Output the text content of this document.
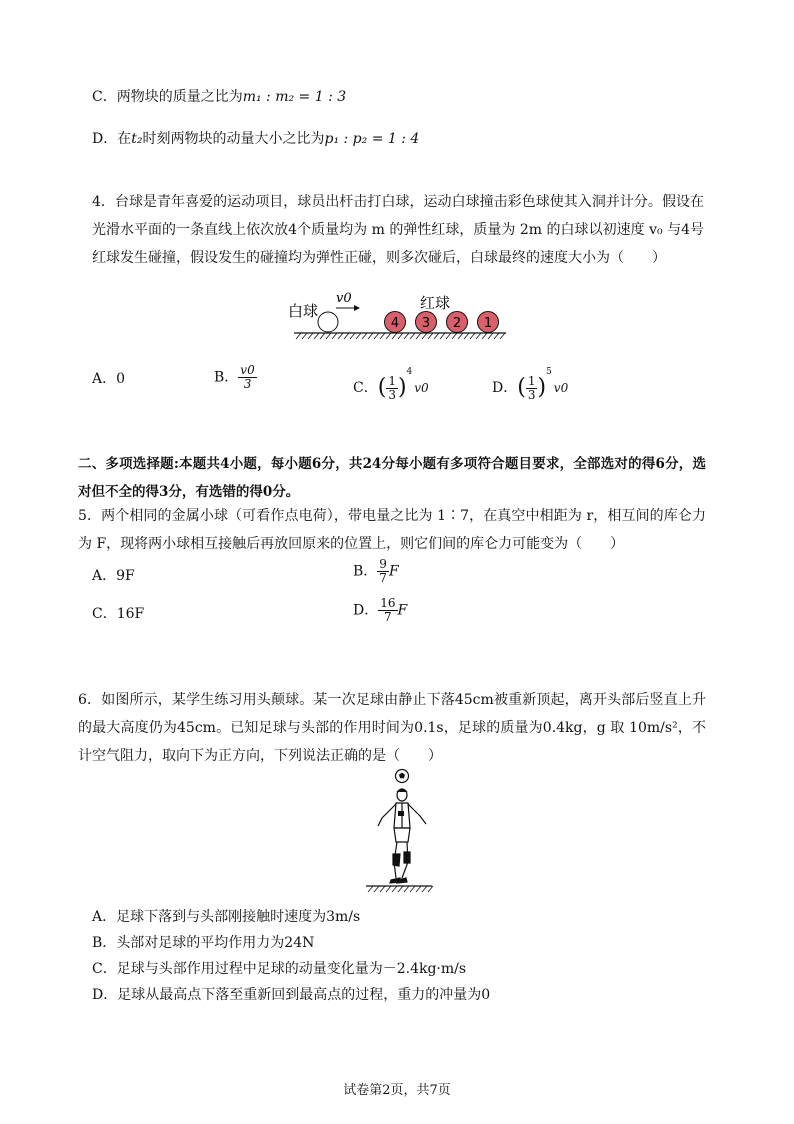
C．两物块的质量之比为m₁ : m₂ = 1 : 3
D．在t₂时刻两物块的动量大小之比为p₁ : p₂ = 1 : 4
4．台球是青年喜爱的运动项目，球员出杆击打白球，运动白球撞击彩色球使其入洞并计分。假设在光滑水平面的一条直线上依次放4个质量均为 m 的弹性红球，质量为 2m 的白球以初速度 v₀ 与4号红球发生碰撞，假设发生的碰撞均为弹性正碰，则多次碰后，白球最终的速度大小为（　　）
白球
v0	红球
4 3 2 1
A．0	B． $\frac{v0}{3}$	C．( $\frac{1}{3} )^4v0$	D．( $\frac{1}{3} )^5v0$
二、多项选择题:本题共4小题，每小题6分，共24分每小题有多项符合题目要求，全部选对的得6分，选对但不全的得3分，有选错的得0分。
5．两个相同的金属小球（可看作点电荷），带电量之比为 1∶7，在真空中相距为 r，相互间的库仑力为 F，现将两小球相互接触后再放回原来的位置上，则它们间的库仑力可能变为（　　）
A．9F	B． $\frac{9}{7}$ F
C．16F	D． $\frac{16}{7}$ F
6．如图所示，某学生练习用头颠球。某一次足球由静止下落45cm被重新顶起，离开头部后竖直上升的最大高度仍为45cm。已知足球与头部的作用时间为0.1s，足球的质量为0.4kg，g 取 10m/s²，不计空气阻力，取向下为正方向，下列说法正确的是（　　）
A．足球下落到与头部刚接触时速度为3m/s
B．头部对足球的平均作用力为24N
C．足球与头部作用过程中足球的动量变化量为－2.4kg·m/s
D．足球从最高点下落至重新回到最高点的过程，重力的冲量为0
试卷第2页，共7页
